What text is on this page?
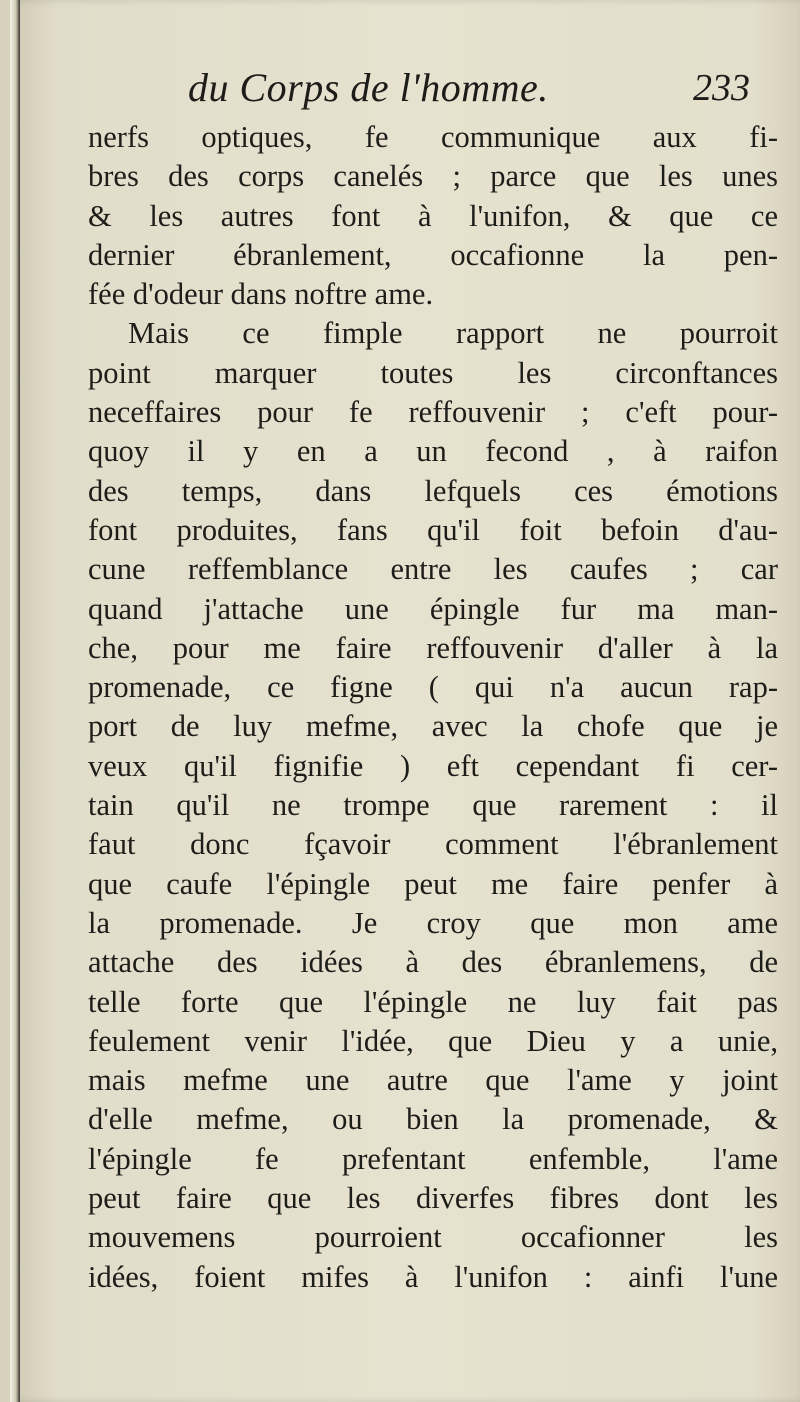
du Corps de l'homme.	233
nerfs optiques, fe communique aux fi-
bres des corps canelés ; parce que les unes
& les autres font à l'unifon, & que ce
dernier ébranlement, occafionne la pen-
fée d'odeur dans noftre ame.
Mais ce fimple rapport ne pourroit
point marquer toutes les circonftances
neceffaires pour fe reffouvenir ; c'eft pour-
quoy il y en a un fecond , à raifon
des temps, dans lefquels ces émotions
font produites, fans qu'il foit befoin d'au-
cune reffemblance entre les caufes ; car
quand j'attache une épingle fur ma man-
che, pour me faire reffouvenir d'aller à la
promenade, ce figne ( qui n'a aucun rap-
port de luy mefme, avec la chofe que je
veux qu'il fignifie ) eft cependant fi cer-
tain qu'il ne trompe que rarement : il
faut donc fçavoir comment l'ébranlement
que caufe l'épingle peut me faire penfer à
la promenade. Je croy que mon ame
attache des idées à des ébranlemens, de
telle forte que l'épingle ne luy fait pas
feulement venir l'idée, que Dieu y a unie,
mais mefme une autre que l'ame y joint
d'elle mefme, ou bien la promenade, &
l'épingle fe prefentant enfemble, l'ame
peut faire que les diverfes fibres dont les
mouvemens pourroient occafionner les
idées, foient mifes à l'unifon : ainfi l'une
